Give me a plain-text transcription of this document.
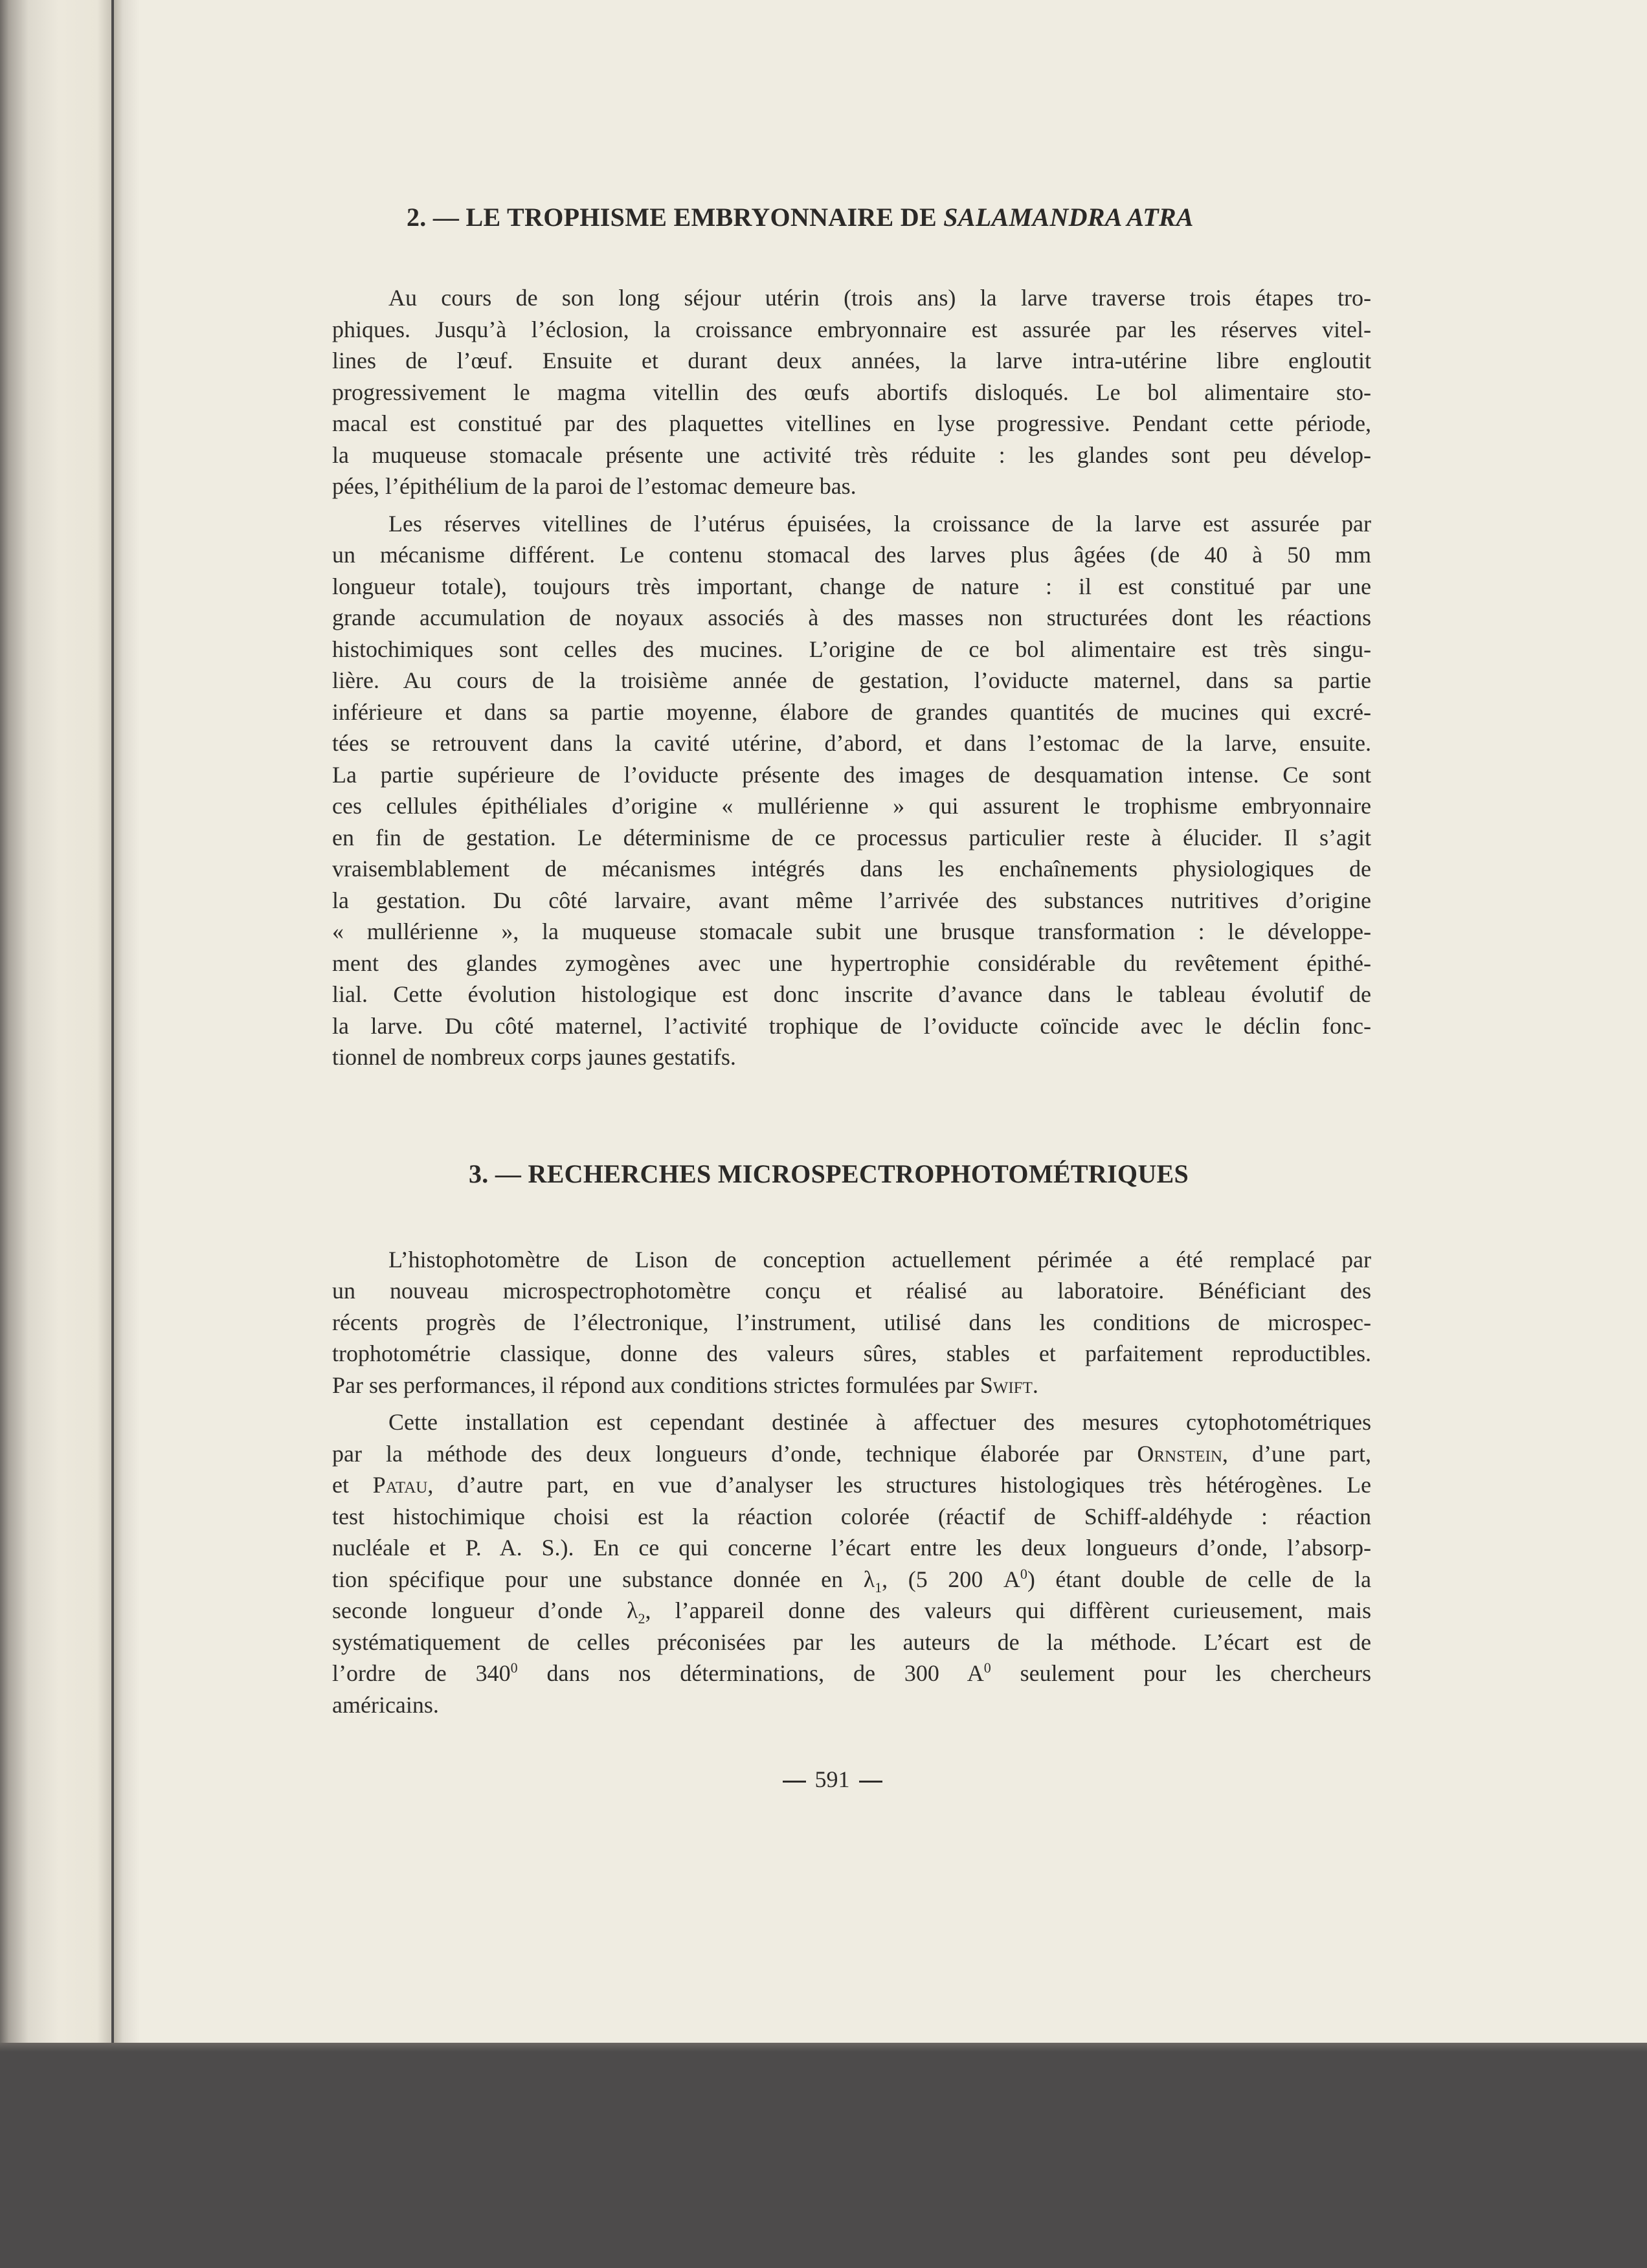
2. — LE TROPHISME EMBRYONNAIRE DE SALAMANDRA ATRA
Au cours de son long séjour utérin (trois ans) la larve traverse trois étapes tro-
phiques. Jusqu’à l’éclosion, la croissance embryonnaire est assurée par les réserves vitel-
lines de l’œuf. Ensuite et durant deux années, la larve intra-utérine libre engloutit
progressivement le magma vitellin des œufs abortifs disloqués. Le bol alimentaire sto-
macal est constitué par des plaquettes vitellines en lyse progressive. Pendant cette période,
la muqueuse stomacale présente une activité très réduite : les glandes sont peu dévelop-
pées, l’épithélium de la paroi de l’estomac demeure bas.
Les réserves vitellines de l’utérus épuisées, la croissance de la larve est assurée par
un mécanisme différent. Le contenu stomacal des larves plus âgées (de 40 à 50 mm
longueur totale), toujours très important, change de nature : il est constitué par une
grande accumulation de noyaux associés à des masses non structurées dont les réactions
histochimiques sont celles des mucines. L’origine de ce bol alimentaire est très singu-
lière. Au cours de la troisième année de gestation, l’oviducte maternel, dans sa partie
inférieure et dans sa partie moyenne, élabore de grandes quantités de mucines qui excré-
tées se retrouvent dans la cavité utérine, d’abord, et dans l’estomac de la larve, ensuite.
La partie supérieure de l’oviducte présente des images de desquamation intense. Ce sont
ces cellules épithéliales d’origine « mullérienne » qui assurent le trophisme embryonnaire
en fin de gestation. Le déterminisme de ce processus particulier reste à élucider. Il s’agit
vraisemblablement de mécanismes intégrés dans les enchaînements physiologiques de
la gestation. Du côté larvaire, avant même l’arrivée des substances nutritives d’origine
« mullérienne », la muqueuse stomacale subit une brusque transformation : le développe-
ment des glandes zymogènes avec une hypertrophie considérable du revêtement épithé-
lial. Cette évolution histologique est donc inscrite d’avance dans le tableau évolutif de
la larve. Du côté maternel, l’activité trophique de l’oviducte coïncide avec le déclin fonc-
tionnel de nombreux corps jaunes gestatifs.
3. — RECHERCHES MICROSPECTROPHOTOMÉTRIQUES
L’histophotomètre de Lison de conception actuellement périmée a été remplacé par
un nouveau microspectrophotomètre conçu et réalisé au laboratoire. Bénéficiant des
récents progrès de l’électronique, l’instrument, utilisé dans les conditions de microspec-
trophotométrie classique, donne des valeurs sûres, stables et parfaitement reproductibles.
Par ses performances, il répond aux conditions strictes formulées par Swift.
Cette installation est cependant destinée à affectuer des mesures cytophotométriques
par la méthode des deux longueurs d’onde, technique élaborée par Ornstein, d’une part,
et Patau, d’autre part, en vue d’analyser les structures histologiques très hétérogènes. Le
test histochimique choisi est la réaction colorée (réactif de Schiff-aldéhyde : réaction
nucléale et P. A. S.). En ce qui concerne l’écart entre les deux longueurs d’onde, l’absorp-
tion spécifique pour une substance donnée en $\lambda_1$, (5 200 $A^0$) étant double de celle de la
seconde longueur d’onde $\lambda_2$, l’appareil donne des valeurs qui diffèrent curieusement, mais
systématiquement de celles préconisées par les auteurs de la méthode. L’écart est de
l’ordre de $340^0$ dans nos déterminations, de 300 $A^0$ seulement pour les chercheurs
américains.
591
